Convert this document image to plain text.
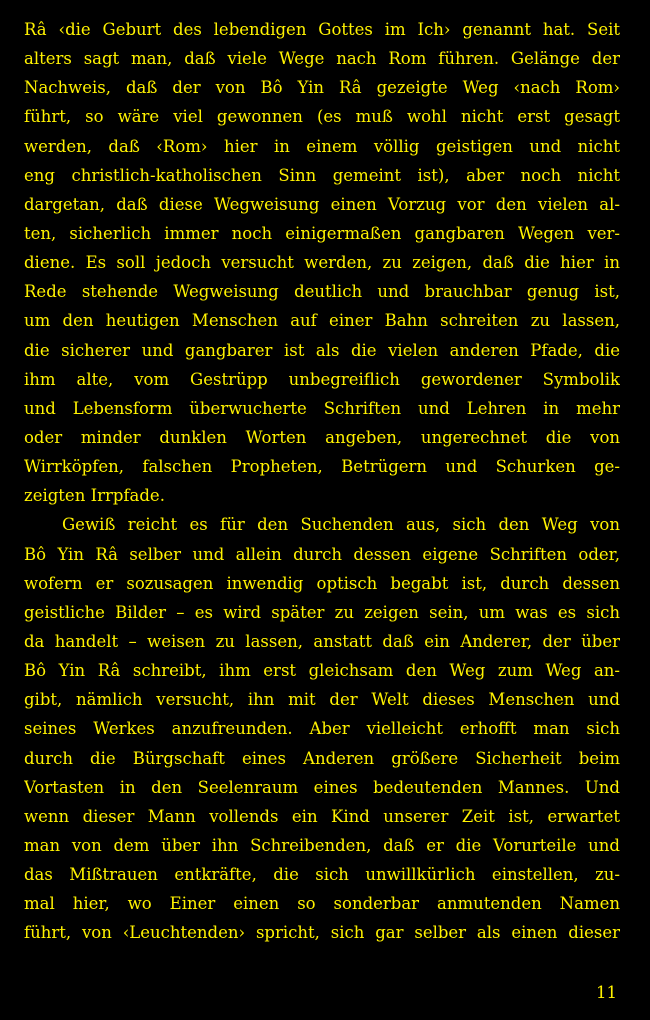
Râ ‹die Geburt des lebendigen Gottes im Ich› genannt hat. Seit
alters sagt man, daß viele Wege nach Rom führen. Gelänge der
Nachweis, daß der von Bô Yin Râ gezeigte Weg ‹nach Rom›
führt, so wäre viel gewonnen (es muß wohl nicht erst gesagt
werden, daß ‹Rom› hier in einem völlig geistigen und nicht
eng christlich-katholischen Sinn gemeint ist), aber noch nicht
dargetan, daß diese Wegweisung einen Vorzug vor den vielen al-
ten, sicherlich immer noch einigermaßen gangbaren Wegen ver-
diene. Es soll jedoch versucht werden, zu zeigen, daß die hier in
Rede stehende Wegweisung deutlich und brauchbar genug ist,
um den heutigen Menschen auf einer Bahn schreiten zu lassen,
die sicherer und gangbarer ist als die vielen anderen Pfade, die
ihm alte, vom Gestrüpp unbegreiflich gewordener Symbolik
und Lebensform überwucherte Schriften und Lehren in mehr
oder minder dunklen Worten angeben, ungerechnet die von
Wirrköpfen, falschen Propheten, Betrügern und Schurken ge-
zeigten Irrpfade.
Gewiß reicht es für den Suchenden aus, sich den Weg von
Bô Yin Râ selber und allein durch dessen eigene Schriften oder,
wofern er sozusagen inwendig optisch begabt ist, durch dessen
geistliche Bilder – es wird später zu zeigen sein, um was es sich
da handelt – weisen zu lassen, anstatt daß ein Anderer, der über
Bô Yin Râ schreibt, ihm erst gleichsam den Weg zum Weg an-
gibt, nämlich versucht, ihn mit der Welt dieses Menschen und
seines Werkes anzufreunden. Aber vielleicht erhofft man sich
durch die Bürgschaft eines Anderen größere Sicherheit beim
Vortasten in den Seelenraum eines bedeutenden Mannes. Und
wenn dieser Mann vollends ein Kind unserer Zeit ist, erwartet
man von dem über ihn Schreibenden, daß er die Vorurteile und
das Mißtrauen entkräfte, die sich unwillkürlich einstellen, zu-
mal hier, wo Einer einen so sonderbar anmutenden Namen
führt, von ‹Leuchtenden› spricht, sich gar selber als einen dieser
11
